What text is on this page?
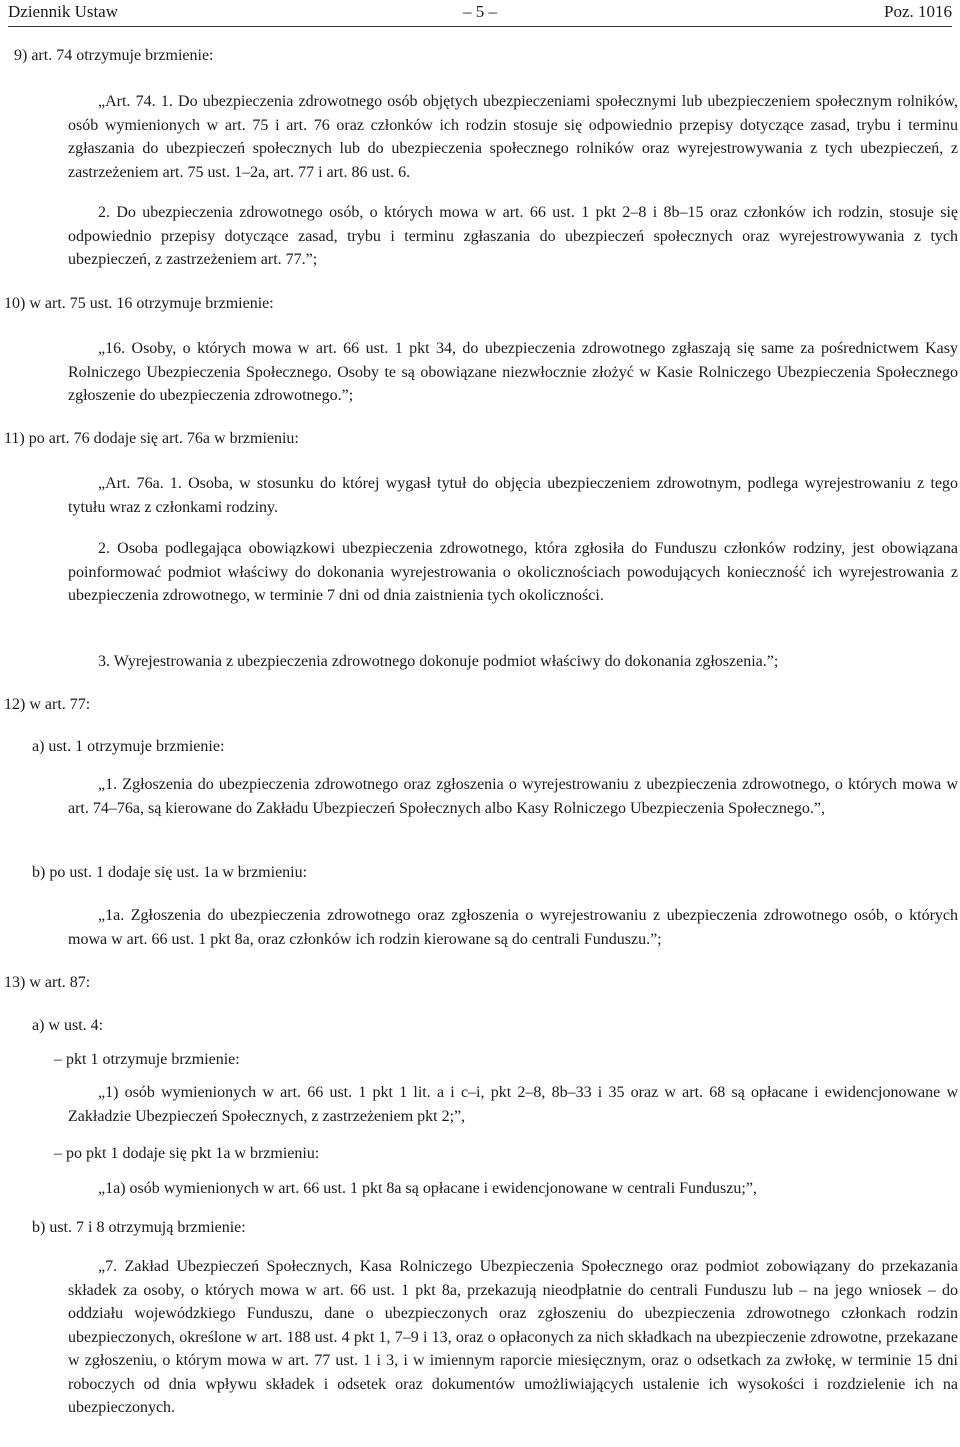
Dziennik Ustaw	– 5 –	Poz. 1016
9) art. 74 otrzymuje brzmienie:

„Art. 74. 1. Do ubezpieczenia zdrowotnego osób objętych ubezpieczeniami społecznymi lub ubezpieczeniem społecznym rolników, osób wymienionych w art. 75 i art. 76 oraz członków ich rodzin stosuje się odpowiednio przepisy dotyczące zasad, trybu i terminu zgłaszania do ubezpieczeń społecznych lub do ubezpieczenia społecznego rolników oraz wyrejestrowywania z tych ubezpieczeń, z zastrzeżeniem art. 75 ust. 1–2a, art. 77 i art. 86 ust. 6.

2. Do ubezpieczenia zdrowotnego osób, o których mowa w art. 66 ust. 1 pkt 2–8 i 8b–15 oraz członków ich rodzin, stosuje się odpowiednio przepisy dotyczące zasad, trybu i terminu zgłaszania do ubezpieczeń społecznych oraz wyrejestrowywania z tych ubezpieczeń, z zastrzeżeniem art. 77.”;

10) w art. 75 ust. 16 otrzymuje brzmienie:

„16. Osoby, o których mowa w art. 66 ust. 1 pkt 34, do ubezpieczenia zdrowotnego zgłaszają się same za pośrednictwem Kasy Rolniczego Ubezpieczenia Społecznego. Osoby te są obowiązane niezwłocznie złożyć w Kasie Rolniczego Ubezpieczenia Społecznego zgłoszenie do ubezpieczenia zdrowotnego.”;

11) po art. 76 dodaje się art. 76a w brzmieniu:

„Art. 76a. 1. Osoba, w stosunku do której wygasł tytuł do objęcia ubezpieczeniem zdrowotnym, podlega wyrejestrowaniu z tego tytułu wraz z członkami rodziny.

2. Osoba podlegająca obowiązkowi ubezpieczenia zdrowotnego, która zgłosiła do Funduszu członków rodziny, jest obowiązana poinformować podmiot właściwy do dokonania wyrejestrowania o okolicznościach powodujących konieczność ich wyrejestrowania z ubezpieczenia zdrowotnego, w terminie 7 dni od dnia zaistnienia tych okoliczności.

3. Wyrejestrowania z ubezpieczenia zdrowotnego dokonuje podmiot właściwy do dokonania zgłoszenia.”;

12) w art. 77:
a) ust. 1 otrzymuje brzmienie:

„1. Zgłoszenia do ubezpieczenia zdrowotnego oraz zgłoszenia o wyrejestrowaniu z ubezpieczenia zdrowotnego, o których mowa w art. 74–76a, są kierowane do Zakładu Ubezpieczeń Społecznych albo Kasy Rolniczego Ubezpieczenia Społecznego.”,

b) po ust. 1 dodaje się ust. 1a w brzmieniu:

„1a. Zgłoszenia do ubezpieczenia zdrowotnego oraz zgłoszenia o wyrejestrowaniu z ubezpieczenia zdrowotnego osób, o których mowa w art. 66 ust. 1 pkt 8a, oraz członków ich rodzin kierowane są do centrali Funduszu.”;

13) w art. 87:
a) w ust. 4:
– pkt 1 otrzymuje brzmienie:

„1) osób wymienionych w art. 66 ust. 1 pkt 1 lit. a i c–i, pkt 2–8, 8b–33 i 35 oraz w art. 68 są opłacane i ewidencjonowane w Zakładzie Ubezpieczeń Społecznych, z zastrzeżeniem pkt 2;”,

– po pkt 1 dodaje się pkt 1a w brzmieniu:
„1a) osób wymienionych w art. 66 ust. 1 pkt 8a są opłacane i ewidencjonowane w centrali Funduszu;”,
b) ust. 7 i 8 otrzymują brzmienie:

„7. Zakład Ubezpieczeń Społecznych, Kasa Rolniczego Ubezpieczenia Społecznego oraz podmiot zobowiązany do przekazania składek za osoby, o których mowa w art. 66 ust. 1 pkt 8a, przekazują nieodpłatnie do centrali Funduszu lub – na jego wniosek – do oddziału wojewódzkiego Funduszu, dane o ubezpieczonych oraz zgłoszeniu do ubezpieczenia zdrowotnego członkach rodzin ubezpieczonych, określone w art. 188 ust. 4 pkt 1, 7–9 i 13, oraz o opłaconych za nich składkach na ubezpieczenie zdrowotne, przekazane w zgłoszeniu, o którym mowa w art. 77 ust. 1 i 3, i w imiennym raporcie miesięcznym, oraz o odsetkach za zwłokę, w terminie 15 dni roboczych od dnia wpływu składek i odsetek oraz dokumentów umożliwiających ustalenie ich wysokości i rozdzielenie ich na ubezpieczonych.
